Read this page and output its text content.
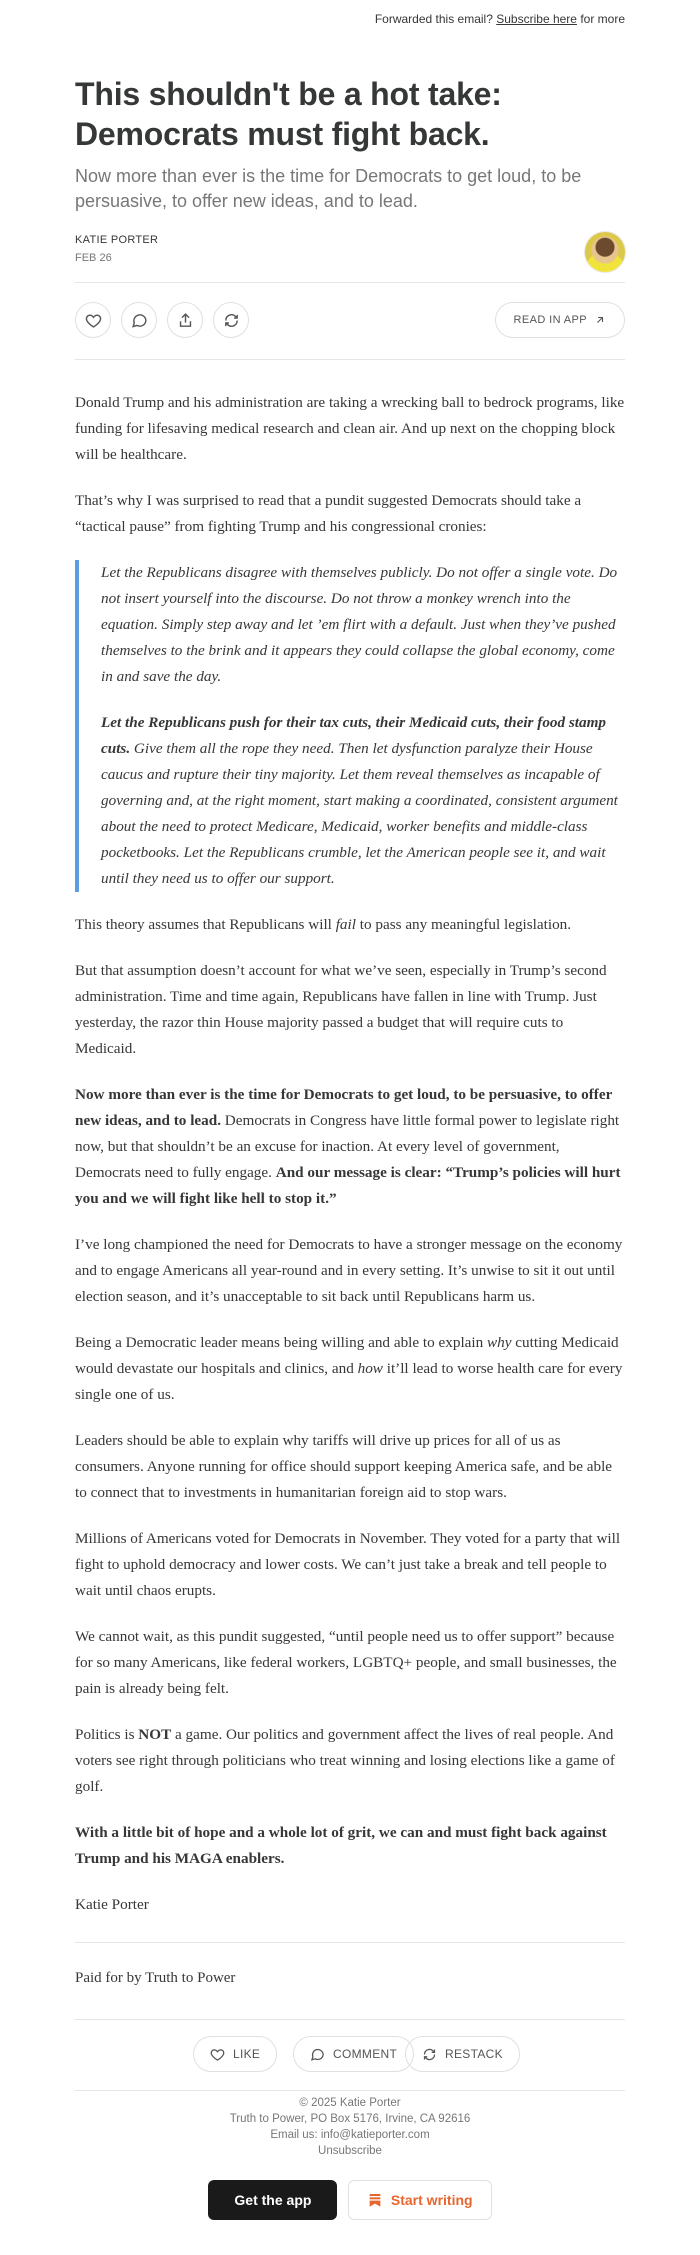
Forwarded this email? Subscribe here for more
This shouldn't be a hot take: Democrats must fight back.
Now more than ever is the time for Democrats to get loud, to be persuasive, to offer new ideas, and to lead.
KATIE PORTER
FEB 26
READ IN APP

Donald Trump and his administration are taking a wrecking ball to bedrock programs, like funding for lifesaving medical research and clean air. And up next on the chopping block will be healthcare.

That’s why I was surprised to read that a pundit suggested Democrats should take a “tactical pause” from fighting Trump and his congressional cronies:

Let the Republicans disagree with themselves publicly. Do not offer a single vote. Do not insert yourself into the discourse. Do not throw a monkey wrench into the equation. Simply step away and let ’em flirt with a default. Just when they’ve pushed themselves to the brink and it appears they could collapse the global economy, come in and save the day.

Let the Republicans push for their tax cuts, their Medicaid cuts, their food stamp cuts. Give them all the rope they need. Then let dysfunction paralyze their House caucus and rupture their tiny majority. Let them reveal themselves as incapable of governing and, at the right moment, start making a coordinated, consistent argument about the need to protect Medicare, Medicaid, worker benefits and middle-class pocketbooks. Let the Republicans crumble, let the American people see it, and wait until they need us to offer our support.

This theory assumes that Republicans will fail to pass any meaningful legislation.

But that assumption doesn’t account for what we’ve seen, especially in Trump’s second administration. Time and time again, Republicans have fallen in line with Trump. Just yesterday, the razor thin House majority passed a budget that will require cuts to Medicaid.

Now more than ever is the time for Democrats to get loud, to be persuasive, to offer new ideas, and to lead. Democrats in Congress have little formal power to legislate right now, but that shouldn’t be an excuse for inaction. At every level of government, Democrats need to fully engage. And our message is clear: “Trump’s policies will hurt you and we will fight like hell to stop it.”

I’ve long championed the need for Democrats to have a stronger message on the economy and to engage Americans all year-round and in every setting. It’s unwise to sit it out until election season, and it’s unacceptable to sit back until Republicans harm us.

Being a Democratic leader means being willing and able to explain why cutting Medicaid would devastate our hospitals and clinics, and how it’ll lead to worse health care for every single one of us.

Leaders should be able to explain why tariffs will drive up prices for all of us as consumers. Anyone running for office should support keeping America safe, and be able to connect that to investments in humanitarian foreign aid to stop wars.

Millions of Americans voted for Democrats in November. They voted for a party that will fight to uphold democracy and lower costs. We can’t just take a break and tell people to wait until chaos erupts.

We cannot wait, as this pundit suggested, “until people need us to offer support” because for so many Americans, like federal workers, LGBTQ+ people, and small businesses, the pain is already being felt.

Politics is NOT a game. Our politics and government affect the lives of real people. And voters see right through politicians who treat winning and losing elections like a game of golf.

With a little bit of hope and a whole lot of grit, we can and must fight back against Trump and his MAGA enablers.

Katie Porter

Paid for by Truth to Power
LIKE	COMMENT	RESTACK
© 2025 Katie Porter
Truth to Power, PO Box 5176, Irvine, CA 92616
Email us: info@katieporter.com
Unsubscribe
Get the app	Start writing
